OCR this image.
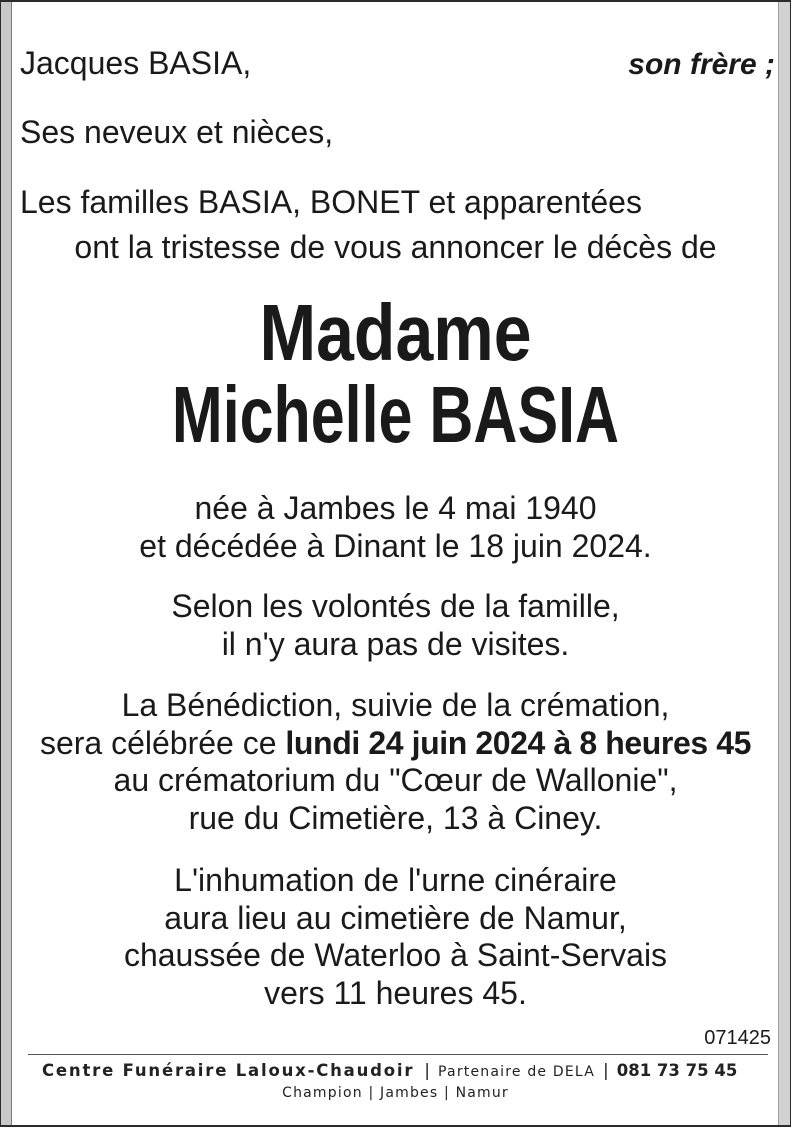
Jacques BASIA,	son frère ;
Ses neveux et nièces,
Les familles BASIA, BONET et apparentées
ont la tristesse de vous annoncer le décès de
Madame
Michelle BASIA
née à Jambes le 4 mai 1940
et décédée à Dinant le 18 juin 2024.
Selon les volontés de la famille,
il n'y aura pas de visites.
La Bénédiction, suivie de la crémation,
sera célébrée ce lundi 24 juin 2024 à 8 heures 45
au crématorium du "Cœur de Wallonie",
rue du Cimetière, 13 à Ciney.
L'inhumation de l'urne cinéraire
aura lieu au cimetière de Namur,
chaussée de Waterloo à Saint-Servais
vers 11 heures 45.
071425
Centre Funéraire Laloux-Chaudoir | Partenaire de DELA | 081 73 75 45
Champion | Jambes | Namur
